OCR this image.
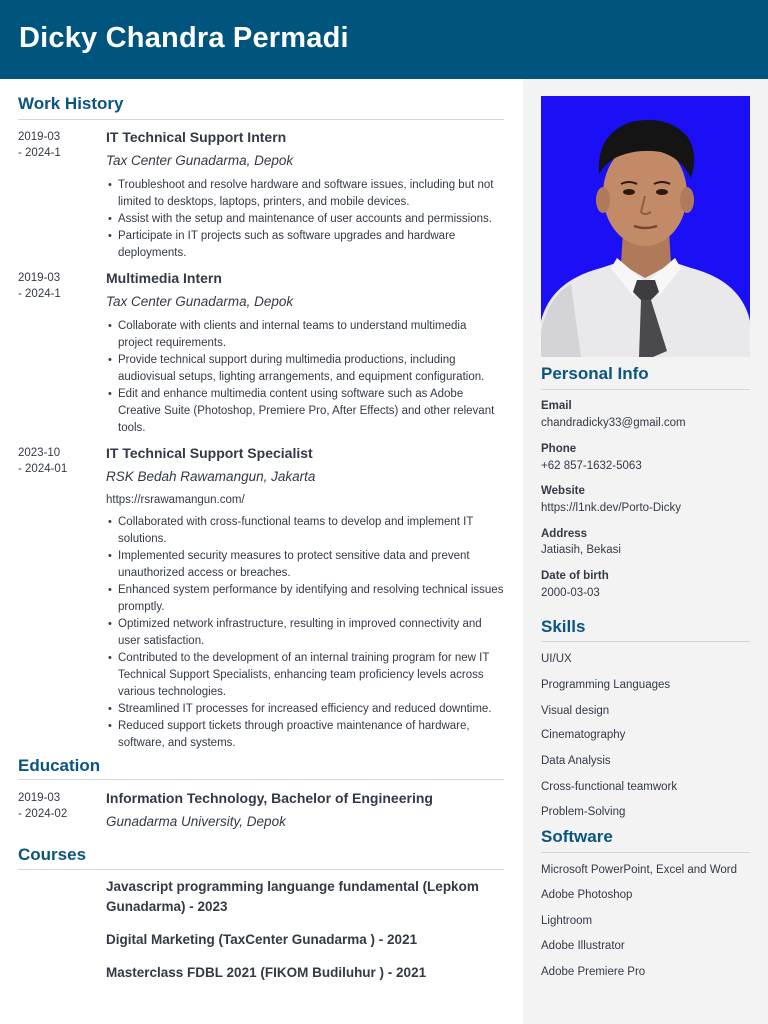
Dicky Chandra Permadi
Work History
2019-03
- 2024-1
IT Technical Support Intern
Tax Center Gunadarma, Depok
• Troubleshoot and resolve hardware and software issues, including but not limited to desktops, laptops, printers, and mobile devices.
• Assist with the setup and maintenance of user accounts and permissions.
• Participate in IT projects such as software upgrades and hardware deployments.
2019-03
- 2024-1
Multimedia Intern
Tax Center Gunadarma, Depok
• Collaborate with clients and internal teams to understand multimedia project requirements.
• Provide technical support during multimedia productions, including audiovisual setups, lighting arrangements, and equipment configuration.
• Edit and enhance multimedia content using software such as Adobe Creative Suite (Photoshop, Premiere Pro, After Effects) and other relevant tools.
2023-10
- 2024-01
IT Technical Support Specialist
RSK Bedah Rawamangun, Jakarta
https://rsrawamangun.com/
• Collaborated with cross-functional teams to develop and implement IT solutions.
• Implemented security measures to protect sensitive data and prevent unauthorized access or breaches.
• Enhanced system performance by identifying and resolving technical issues promptly.
• Optimized network infrastructure, resulting in improved connectivity and user satisfaction.
• Contributed to the development of an internal training program for new IT Technical Support Specialists, enhancing team proficiency levels across various technologies.
• Streamlined IT processes for increased efficiency and reduced downtime.
• Reduced support tickets through proactive maintenance of hardware, software, and systems.
Education
2019-03
- 2024-02
Information Technology, Bachelor of Engineering
Gunadarma University, Depok
Courses
Javascript programming languange fundamental (Lepkom Gunadarma) - 2023
Digital Marketing (TaxCenter Gunadarma ) - 2021
Masterclass FDBL 2021 (FIKOM Budiluhur ) - 2021
Personal Info
Email
chandradicky33@gmail.com
Phone
+62 857-1632-5063
Website
https://l1nk.dev/Porto-Dicky
Address
Jatiasih, Bekasi
Date of birth
2000-03-03
Skills
UI/UX
Programming Languages
Visual design
Cinematography
Data Analysis
Cross-functional teamwork
Problem-Solving
Software
Microsoft PowerPoint, Excel and Word
Adobe Photoshop
Lightroom
Adobe Illustrator
Adobe Premiere Pro
